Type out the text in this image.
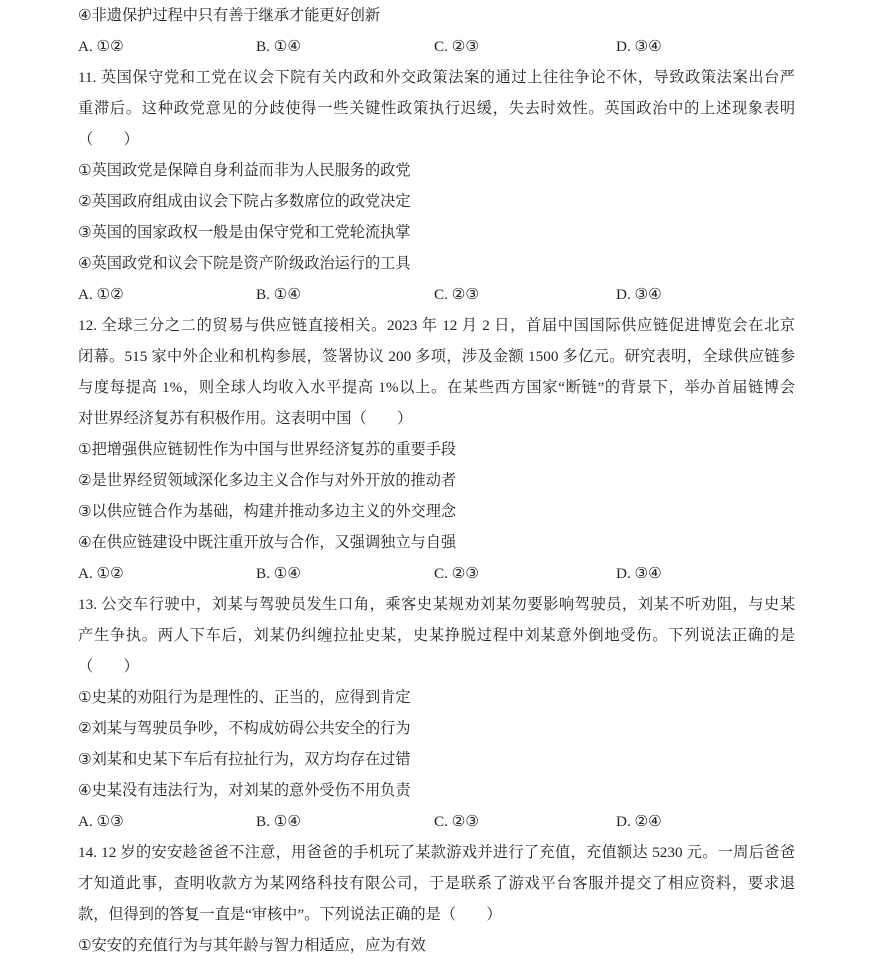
④非遗保护过程中只有善于继承才能更好创新
A. ①②	B. ①④	C. ②③	D. ③④
11. 英国保守党和工党在议会下院有关内政和外交政策法案的通过上往往争论不休，导致政策法案出台严
重滞后。这种政党意见的分歧使得一些关键性政策执行迟缓，失去时效性。英国政治中的上述现象表明
（　　）
①英国政党是保障自身利益而非为人民服务的政党
②英国政府组成由议会下院占多数席位的政党决定
③英国的国家政权一般是由保守党和工党轮流执掌
④英国政党和议会下院是资产阶级政治运行的工具
A. ①②	B. ①④	C. ②③	D. ③④
12. 全球三分之二的贸易与供应链直接相关。2023 年 12 月 2 日，首届中国国际供应链促进博览会在北京
闭幕。515 家中外企业和机构参展，签署协议 200 多项，涉及金额 1500 多亿元。研究表明，全球供应链参
与度每提高 1%，则全球人均收入水平提高 1%以上。在某些西方国家“断链”的背景下，举办首届链博会
对世界经济复苏有积极作用。这表明中国（　　）
①把增强供应链韧性作为中国与世界经济复苏的重要手段
②是世界经贸领域深化多边主义合作与对外开放的推动者
③以供应链合作为基础，构建并推动多边主义的外交理念
④在供应链建设中既注重开放与合作，又强调独立与自强
A. ①②	B. ①④	C. ②③	D. ③④
13. 公交车行驶中，刘某与驾驶员发生口角，乘客史某规劝刘某勿要影响驾驶员，刘某不听劝阻，与史某
产生争执。两人下车后，刘某仍纠缠拉扯史某，史某挣脱过程中刘某意外倒地受伤。下列说法正确的是
（　　）
①史某的劝阻行为是理性的、正当的，应得到肯定
②刘某与驾驶员争吵，不构成妨碍公共安全的行为
③刘某和史某下车后有拉扯行为，双方均存在过错
④史某没有违法行为，对刘某的意外受伤不用负责
A. ①③	B. ①④	C. ②③	D. ②④
14. 12 岁的安安趁爸爸不注意，用爸爸的手机玩了某款游戏并进行了充值，充值额达 5230 元。一周后爸爸
才知道此事，查明收款方为某网络科技有限公司，于是联系了游戏平台客服并提交了相应资料，要求退
款，但得到的答复一直是“审核中”。下列说法正确的是（　　）
①安安的充值行为与其年龄与智力相适应，应为有效
